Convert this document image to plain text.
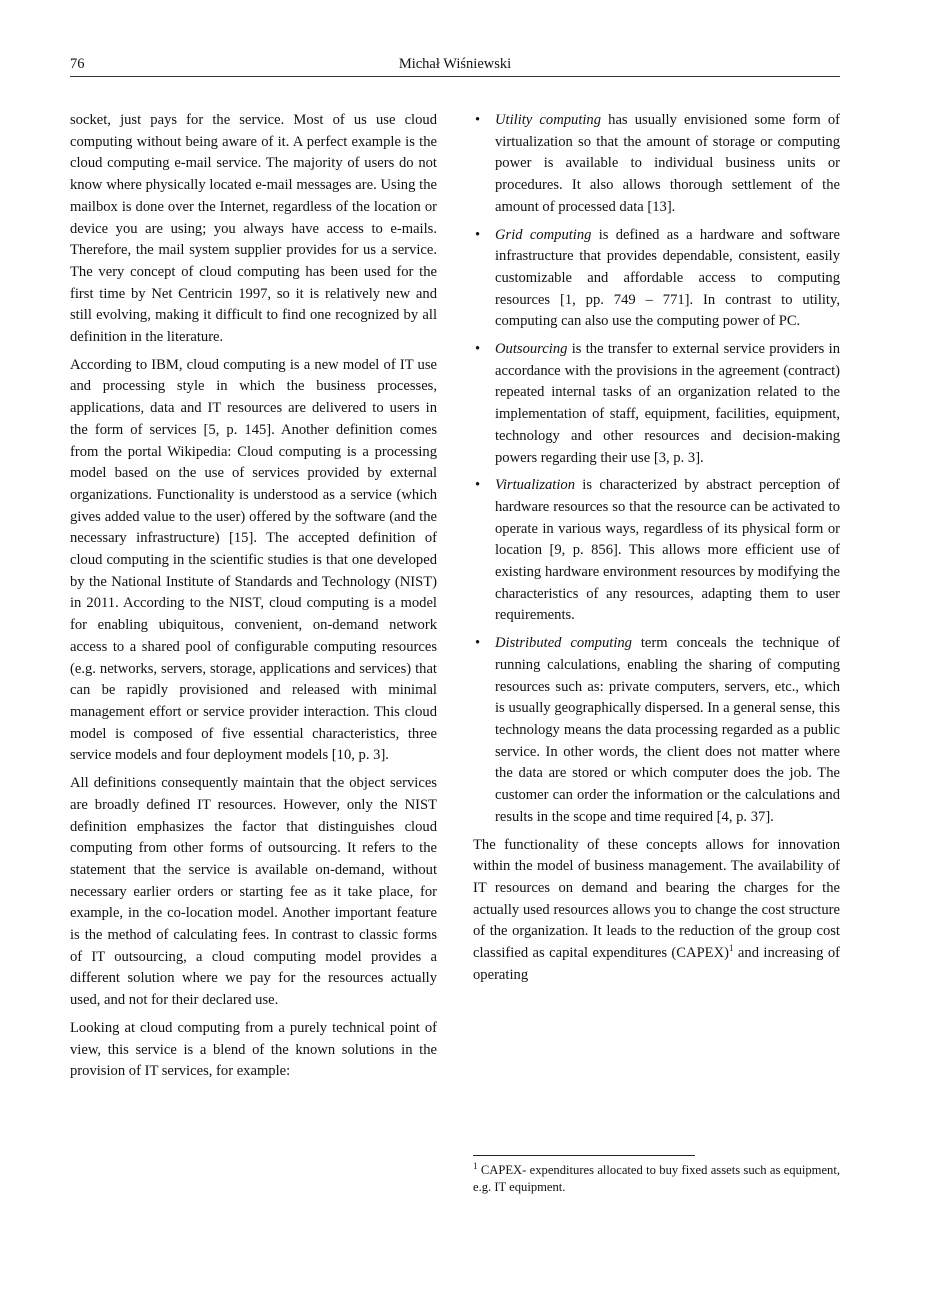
76	Michał Wiśniewski

socket, just pays for the service. Most of us use cloud computing without being aware of it. A perfect example is the cloud computing e-mail service. The majority of users do not know where physically located e-mail messages are. Using the mailbox is done over the Internet, regardless of the location or device you are using; you always have access to e-mails. Therefore, the mail system supplier provides for us a service. The very concept of cloud computing has been used for the first time by Net Centricin 1997, so it is relatively new and still evolving, making it difficult to find one recognized by all definition in the literature.

According to IBM, cloud computing is a new model of IT use and processing style in which the business processes, applications, data and IT resources are delivered to users in the form of services [5, p. 145]. Another definition comes from the portal Wikipedia: Cloud computing is a processing model based on the use of services provided by external organizations. Functionality is understood as a service (which gives added value to the user) offered by the software (and the necessary infrastructure) [15]. The accepted definition of cloud computing in the scientific studies is that one developed by the National Institute of Standards and Technology (NIST) in 2011. According to the NIST, cloud computing is a model for enabling ubiquitous, convenient, on-demand network access to a shared pool of configurable computing resources (e.g. networks, servers, storage, applications and services) that can be rapidly provisioned and released with minimal management effort or service provider interaction. This cloud model is composed of five essential characteristics, three service models and four deployment models [10, p. 3].

All definitions consequently maintain that the object services are broadly defined IT resources. However, only the NIST definition emphasizes the factor that distinguishes cloud computing from other forms of outsourcing. It refers to the statement that the service is available on-demand, without necessary earlier orders or starting fee as it take place, for example, in the co-location model. Another important feature is the method of calculating fees. In contrast to classic forms of IT outsourcing, a cloud computing model provides a different solution where we pay for the resources actually used, and not for their declared use.

Looking at cloud computing from a purely technical point of view, this service is a blend of the known solutions in the provision of IT services, for example:

• Utility computing has usually envisioned some form of virtualization so that the amount of storage or computing power is available to individual business units or procedures. It also allows thorough settlement of the amount of processed data [13].
• Grid computing is defined as a hardware and software infrastructure that provides dependable, consistent, easily customizable and affordable access to computing resources [1, pp. 749 – 771]. In contrast to utility, computing can also use the computing power of PC.
• Outsourcing is the transfer to external service providers in accordance with the provisions in the agreement (contract) repeated internal tasks of an organization related to the implementation of staff, equipment, facilities, equipment, technology and other resources and decision-making powers regarding their use [3, p. 3].
• Virtualization is characterized by abstract perception of hardware resources so that the resource can be activated to operate in various ways, regardless of its physical form or location [9, p. 856]. This allows more efficient use of existing hardware environment resources by modifying the characteristics of any resources, adapting them to user requirements.
• Distributed computing term conceals the technique of running calculations, enabling the sharing of computing resources such as: private computers, servers, etc., which is usually geographically dispersed. In a general sense, this technology means the data processing regarded as a public service. In other words, the client does not matter where the data are stored or which computer does the job. The customer can order the information or the calculations and results in the scope and time required [4, p. 37].

The functionality of these concepts allows for innovation within the model of business management. The availability of IT resources on demand and bearing the charges for the actually used resources allows you to change the cost structure of the organization. It leads to the reduction of the group cost classified as capital expenditures (CAPEX)$^1$ and increasing of operating

$^1$ CAPEX- expenditures allocated to buy fixed assets such as equipment, e.g. IT equipment.
